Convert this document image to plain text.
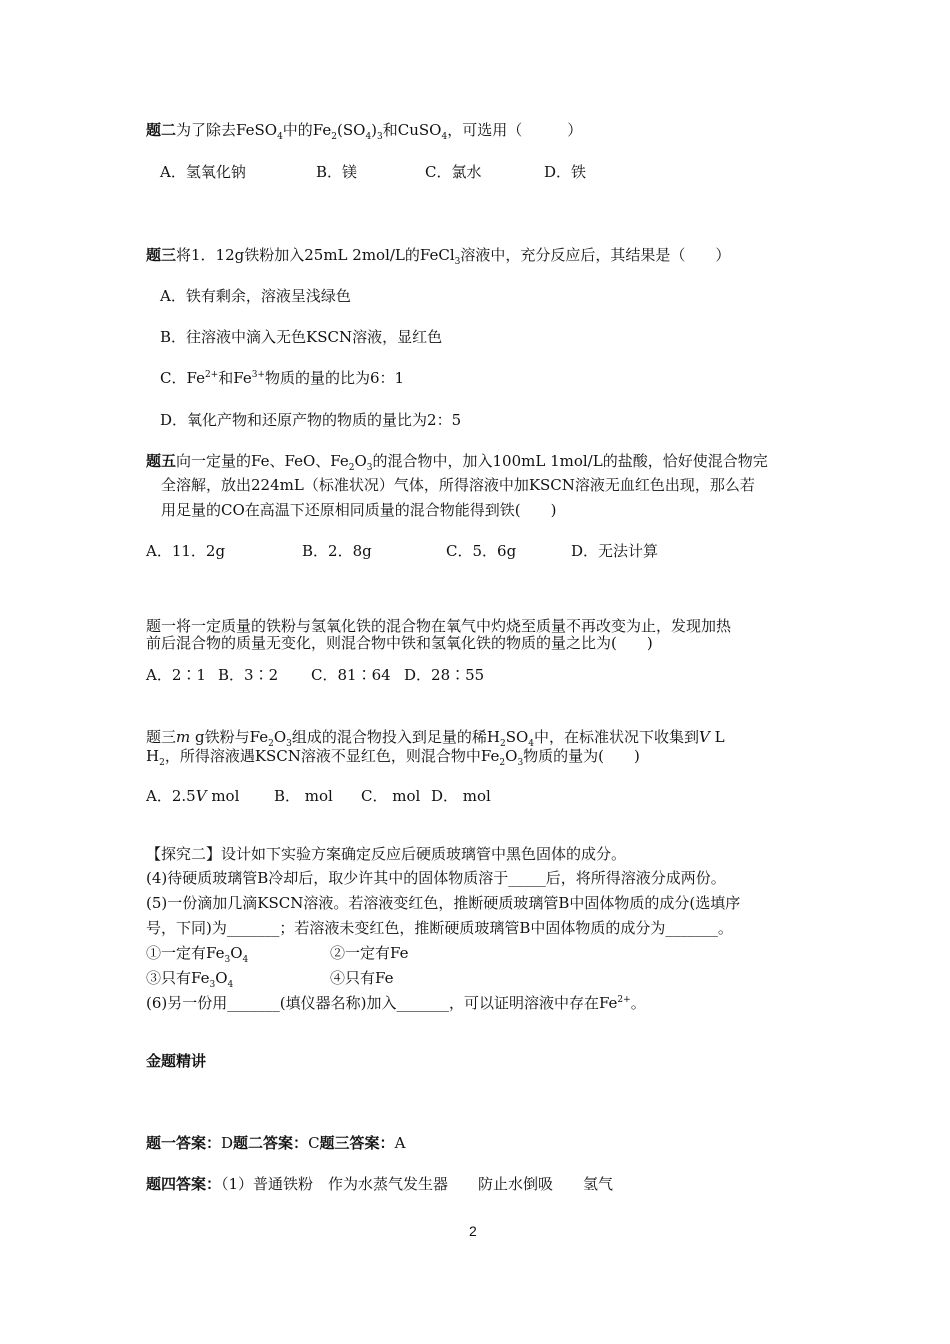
题二为了除去FeSO$_4$中的$Fe_2(SO_4)_3$和CuSO$_4$，可选用（　　　）
A．氢氧化钠	B．镁	C．氯水	D．铁
题三将1．12g铁粉加入25mL 2mol/L的FeCl$_3$溶液中，充分反应后，其结果是（　　）
A．铁有剩余，溶液呈浅绿色
B．往溶液中滴入无色KSCN溶液，显红色
C．$Fe^{2+}$和$Fe^{3+}$物质的量的比为6：1
D．氧化产物和还原产物的物质的量比为2：5
题五向一定量的Fe、FeO、$Fe_2O_3$的混合物中，加入100mL 1mol/L的盐酸，恰好使混合物完
全溶解，放出224mL（标准状况）气体，所得溶液中加KSCN溶液无血红色出现，那么若
用足量的CO在高温下还原相同质量的混合物能得到铁(　　)
A．11．2g	B．2．8g	C．5．6g	D．无法计算
题一将一定质量的铁粉与氢氧化铁的混合物在氧气中灼烧至质量不再改变为止，发现加热
前后混合物的质量无变化，则混合物中铁和氢氧化铁的物质的量之比为(　　)
A．2∶1 B．3∶2 C．81∶64 D．28∶55
题三m g铁粉与$Fe_2O_3$组成的混合物投入到足量的稀$H_2SO_4$中，在标准状况下收集到V L
$H_2$，所得溶液遇KSCN溶液不显红色，则混合物中$Fe_2O_3$物质的量为(　　)
A．2.5V mol B． mol C． mol D． mol
【探究二】设计如下实验方案确定反应后硬质玻璃管中黑色固体的成分。
(4)待硬质玻璃管B冷却后，取少许其中的固体物质溶于_____后，将所得溶液分成两份。
(5)一份滴加几滴KSCN溶液。若溶液变红色，推断硬质玻璃管B中固体物质的成分(选填序
号，下同)为_______；若溶液未变红色，推断硬质玻璃管B中固体物质的成分为_______。
①一定有$Fe_3O_4$	②一定有Fe
③只有$Fe_3O_4$	④只有Fe
(6)另一份用_______(填仪器名称)加入_______，可以证明溶液中存在$Fe^{2+}$。
金题精讲
题一答案：D题二答案：C题三答案：A
题四答案：（1）普通铁粉　作为水蒸气发生器　　防止水倒吸　　氢气
2
